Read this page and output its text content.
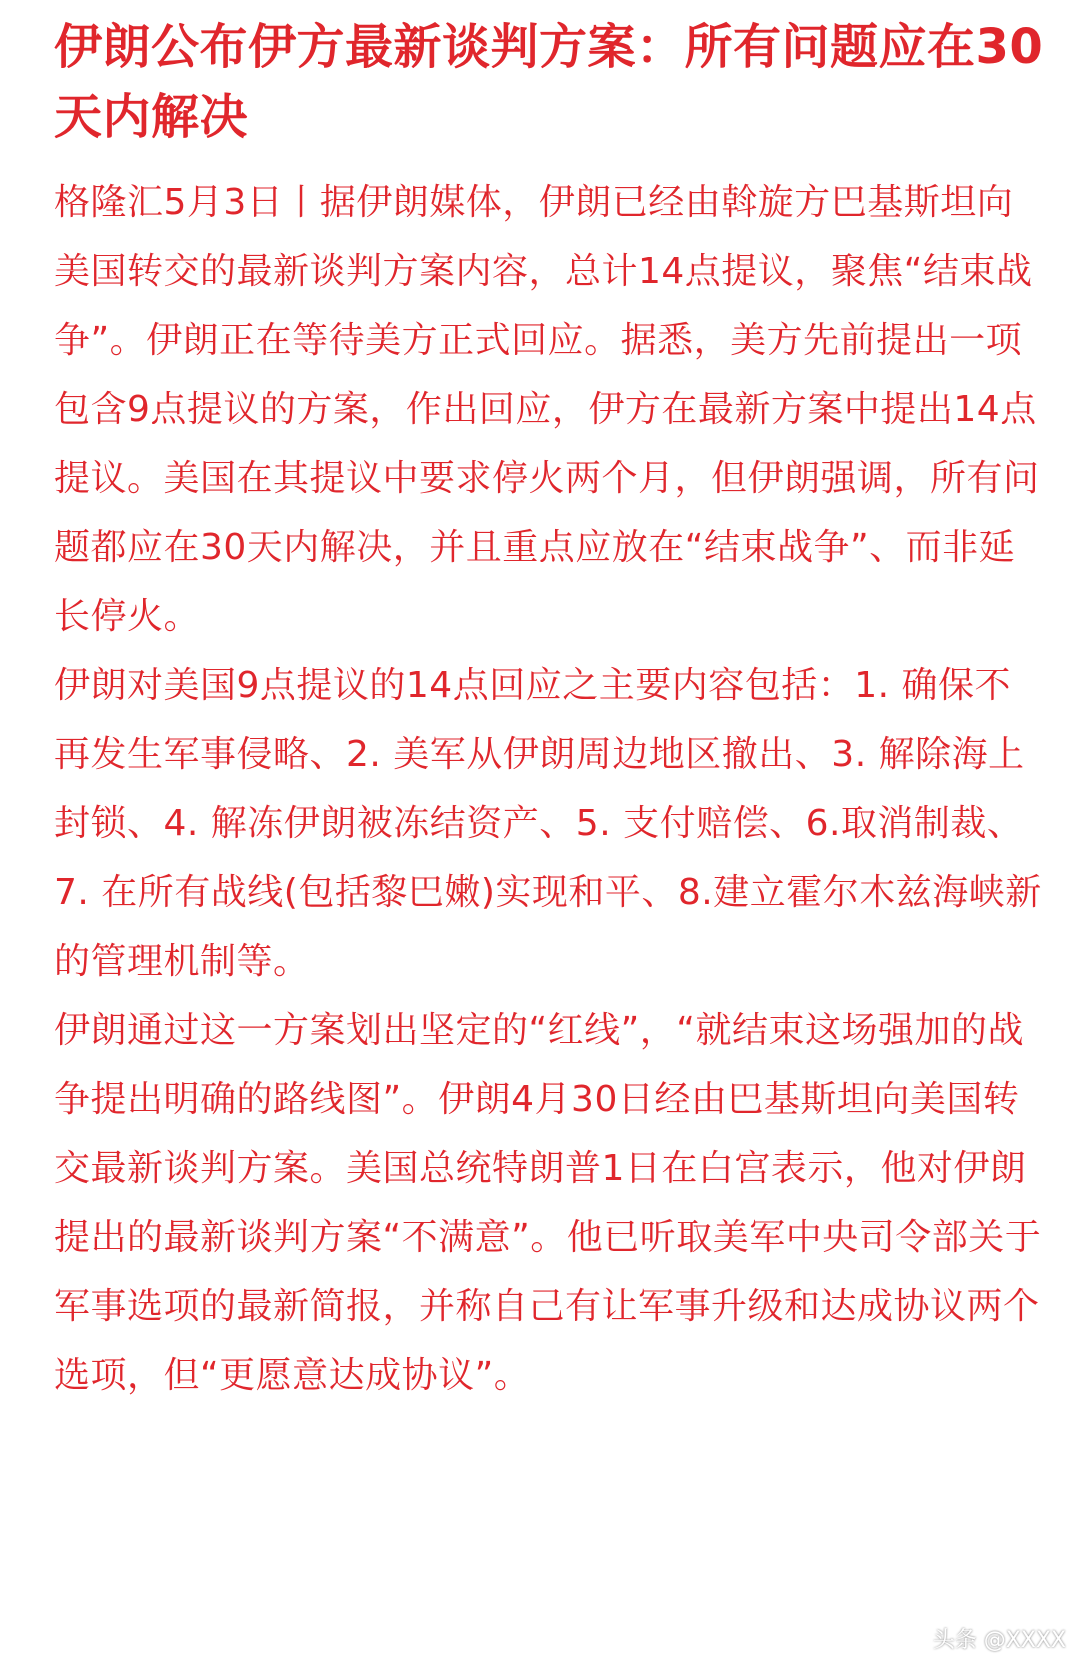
伊朗公布伊方最新谈判方案：所有问题应在30天内解决

格隆汇5月3日丨据伊朗媒体，伊朗已经由斡旋方巴基斯坦向美国转交的最新谈判方案内容，总计14点提议，聚焦“结束战争”。伊朗正在等待美方正式回应。据悉，美方先前提出一项包含9点提议的方案，作出回应，伊方在最新方案中提出14点提议。美国在其提议中要求停火两个月，但伊朗强调，所有问题都应在30天内解决，并且重点应放在“结束战争”、而非延长停火。

伊朗对美国9点提议的14点回应之主要内容包括：1. 确保不再发生军事侵略、2. 美军从伊朗周边地区撤出、3. 解除海上封锁、4. 解冻伊朗被冻结资产、5. 支付赔偿、6.取消制裁、7. 在所有战线(包括黎巴嫩)实现和平、8.建立霍尔木兹海峡新的管理机制等。

伊朗通过这一方案划出坚定的“红线”，“就结束这场强加的战争提出明确的路线图”。伊朗4月30日经由巴基斯坦向美国转交最新谈判方案。美国总统特朗普1日在白宫表示，他对伊朗提出的最新谈判方案“不满意”。他已听取美军中央司令部关于军事选项的最新简报，并称自己有让军事升级和达成协议两个选项，但“更愿意达成协议”。

头条 @XXXX
